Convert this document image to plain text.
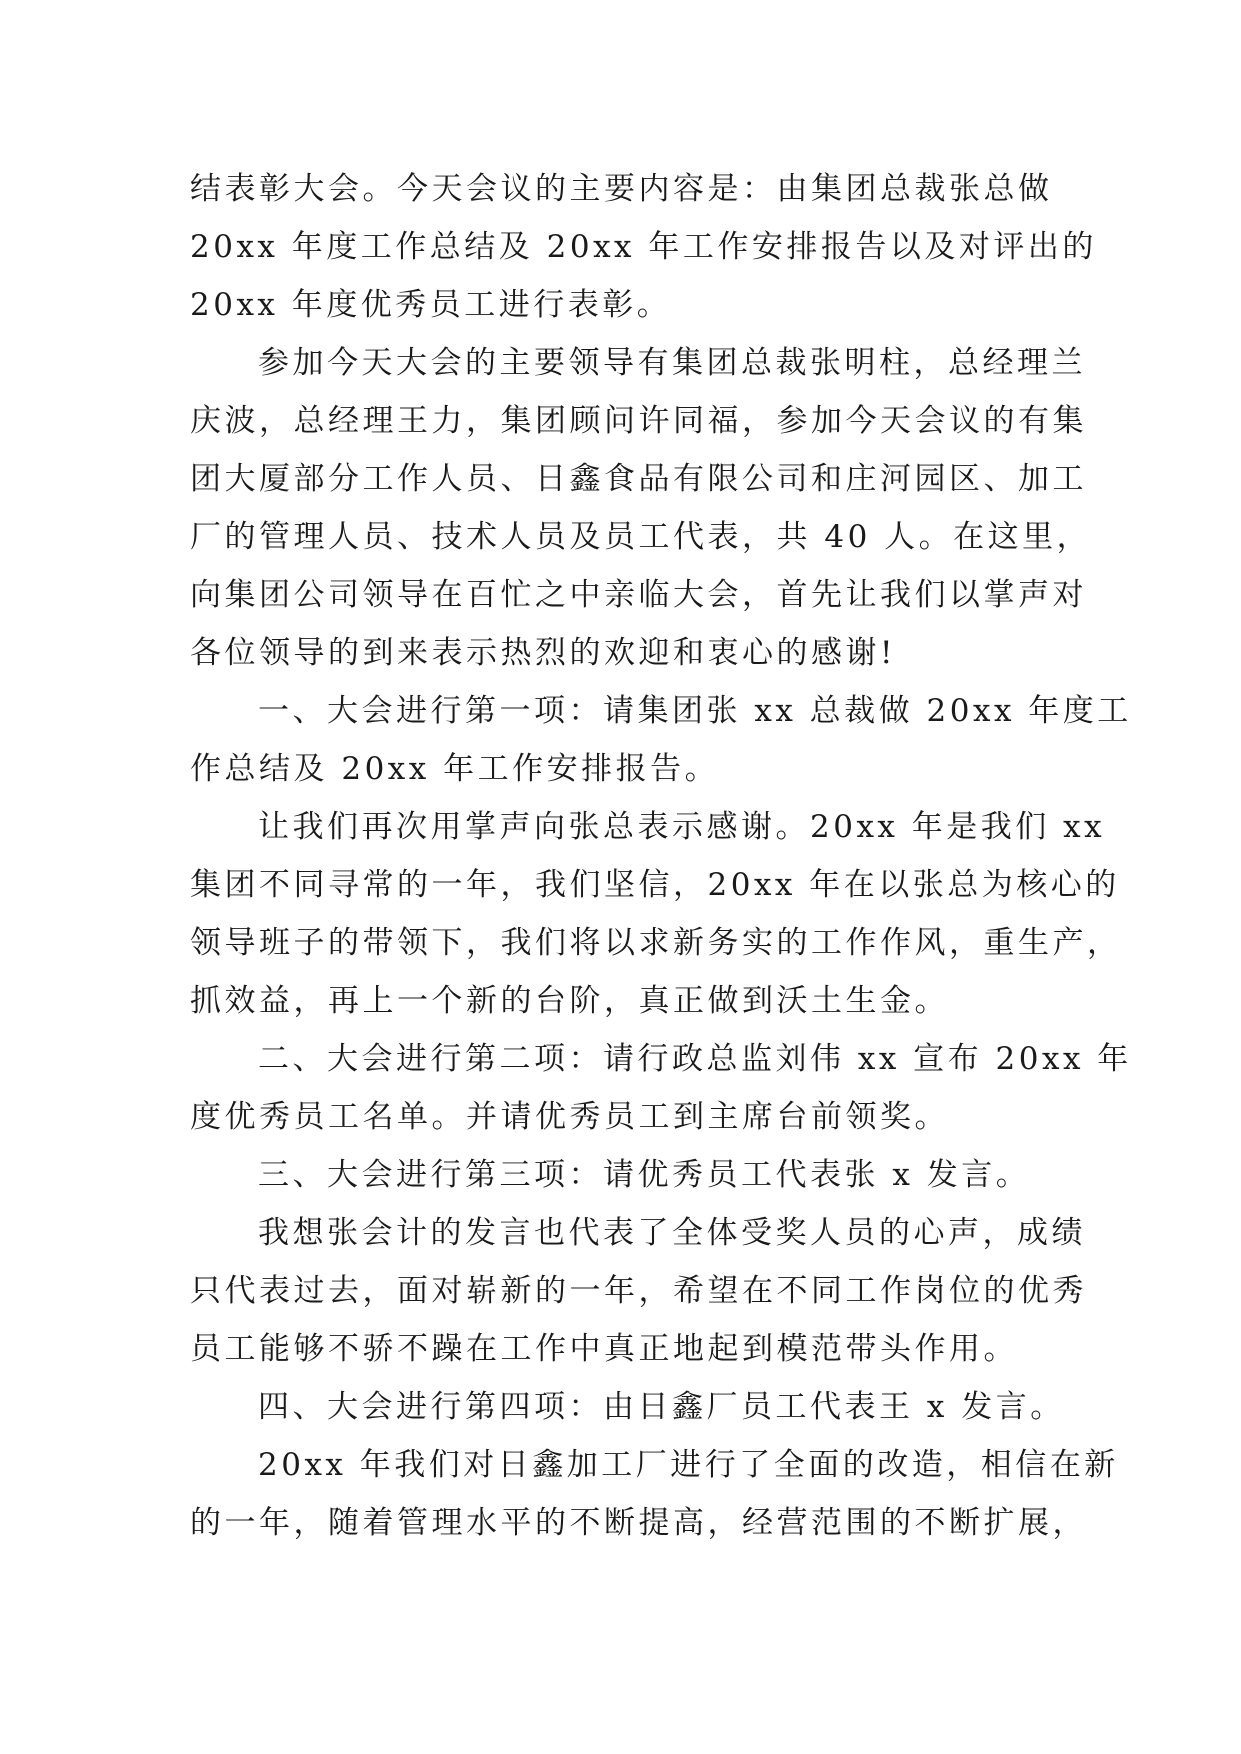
结表彰大会。今天会议的主要内容是：由集团总裁张总做
20xx 年度工作总结及 20xx 年工作安排报告以及对评出的
20xx 年度优秀员工进行表彰。
参加今天大会的主要领导有集团总裁张明柱，总经理兰
庆波，总经理王力，集团顾问许同福，参加今天会议的有集
团大厦部分工作人员、日鑫食品有限公司和庄河园区、加工
厂的管理人员、技术人员及员工代表，共 40 人。在这里，
向集团公司领导在百忙之中亲临大会，首先让我们以掌声对
各位领导的到来表示热烈的欢迎和衷心的感谢!
一、大会进行第一项：请集团张 xx 总裁做 20xx 年度工
作总结及 20xx 年工作安排报告。
让我们再次用掌声向张总表示感谢。20xx 年是我们 xx
集团不同寻常的一年，我们坚信，20xx 年在以张总为核心的
领导班子的带领下，我们将以求新务实的工作作风，重生产，
抓效益，再上一个新的台阶，真正做到沃土生金。
二、大会进行第二项：请行政总监刘伟 xx 宣布 20xx 年
度优秀员工名单。并请优秀员工到主席台前领奖。
三、大会进行第三项：请优秀员工代表张 x 发言。
我想张会计的发言也代表了全体受奖人员的心声，成绩
只代表过去，面对崭新的一年，希望在不同工作岗位的优秀
员工能够不骄不躁在工作中真正地起到模范带头作用。
四、大会进行第四项：由日鑫厂员工代表王 x 发言。
20xx 年我们对日鑫加工厂进行了全面的改造，相信在新
的一年，随着管理水平的不断提高，经营范围的不断扩展，
